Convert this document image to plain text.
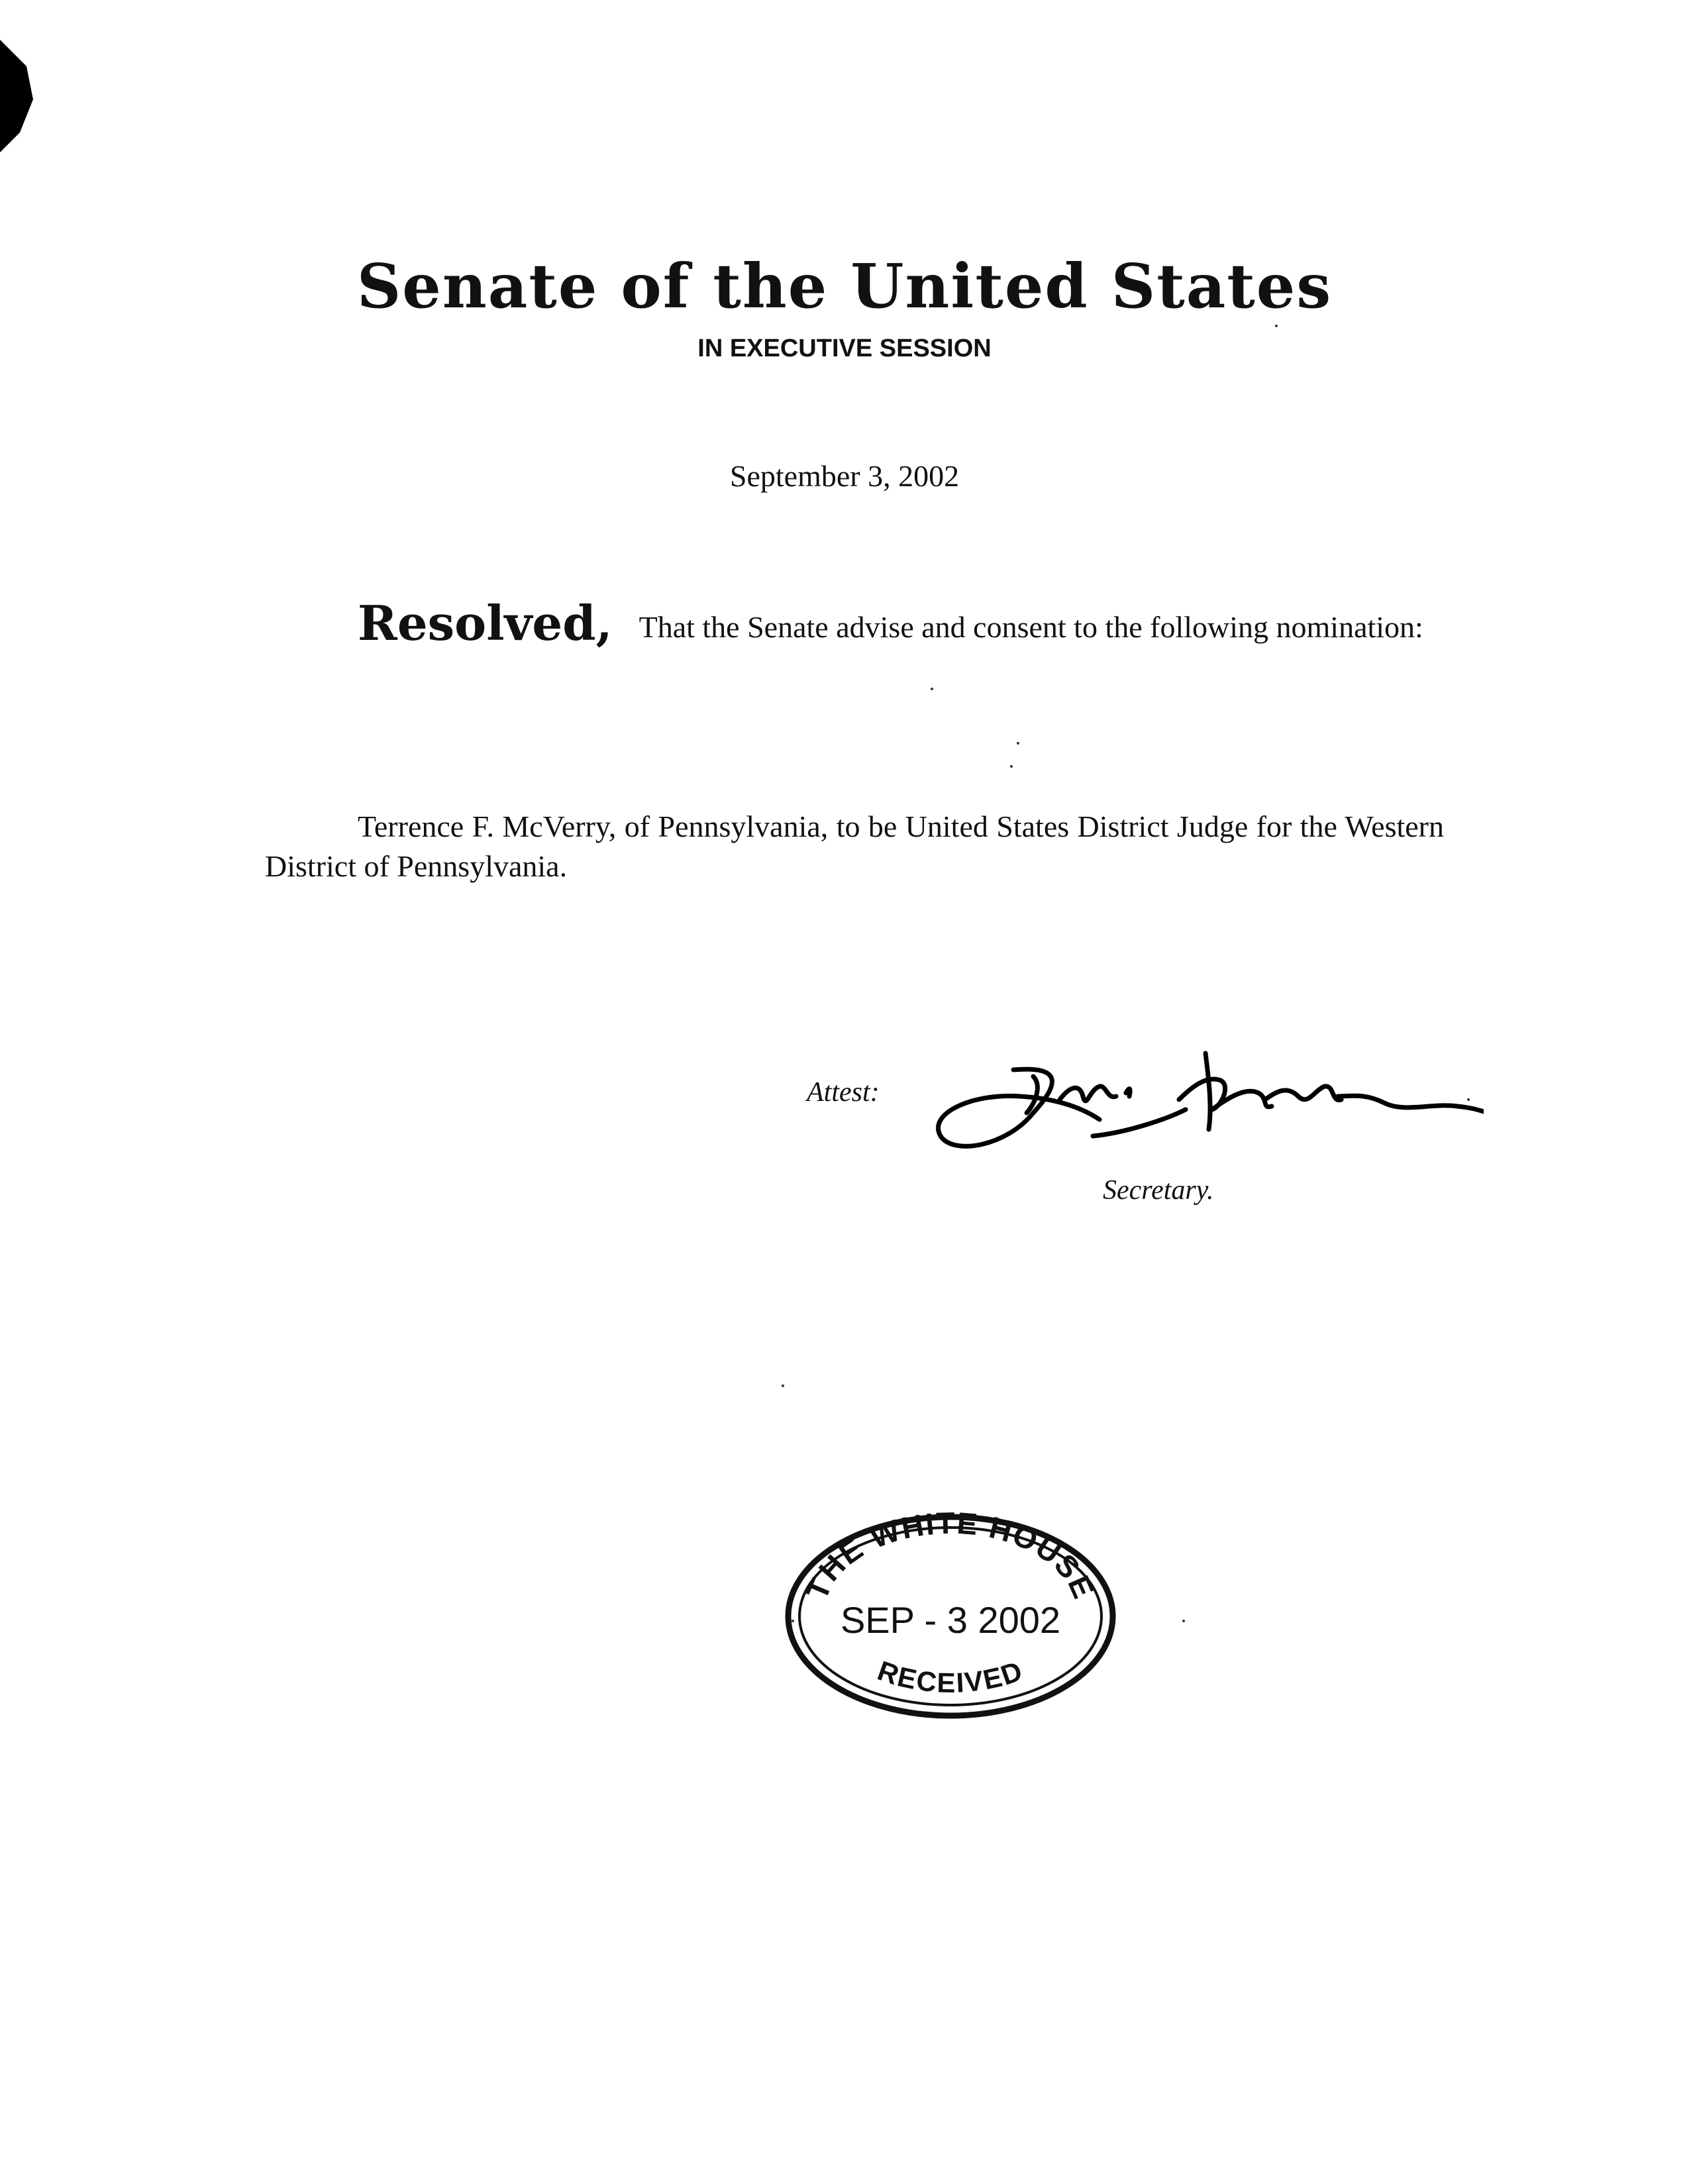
Senate of the United States
IN EXECUTIVE SESSION
September 3, 2002
Resolved, That the Senate advise and consent to the following nomination:
Terrence F. McVerry, of Pennsylvania, to be United States District Judge for the Western District of Pennsylvania.
Attest:
Secretary.
THE WHITE HOUSE
SEP - 3 2002
RECEIVED
